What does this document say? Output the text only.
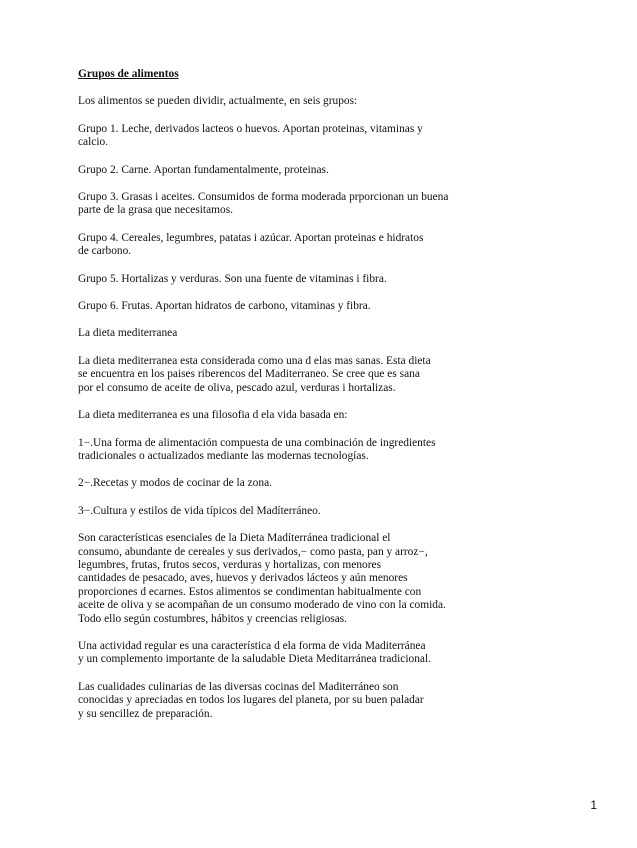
Grupos de alimentos

Los alimentos se pueden dividir, actualmente, en seis grupos:

Grupo 1. Leche, derivados lacteos o huevos. Aportan proteinas, vitaminas y
calcio.

Grupo 2. Carne. Aportan fundamentalmente, proteinas.

Grupo 3. Grasas i aceites. Consumidos de forma moderada prporcionan un buena
parte de la grasa que necesitamos.

Grupo 4. Cereales, legumbres, patatas i azúcar. Aportan proteinas e hidratos
de carbono.

Grupo 5. Hortalizas y verduras. Son una fuente de vitaminas i fibra.

Grupo 6. Frutas. Aportan hidratos de carbono, vitaminas y fibra.

La dieta mediterranea

La dieta mediterranea esta considerada como una d elas mas sanas. Esta dieta
se encuentra en los paises riberencos del Maditerraneo. Se cree que es sana
por el consumo de aceite de oliva, pescado azul, verduras i hortalizas.

La dieta mediterranea es una filosofia d ela vida basada en:

1−.Una forma de alimentación compuesta de una combinación de ingredientes
tradicionales o actualizados mediante las modernas tecnologías.

2−.Recetas y modos de cocinar de la zona.

3−.Cultura y estilos de vida típicos del Madíterráneo.

Son características esenciales de la Dieta Madíterránea tradicional el
consumo, abundante de cereales y sus derivados,− como pasta, pan y arroz−,
legumbres, frutas, frutos secos, verduras y hortalizas, con menores
cantidades de pesacado, aves, huevos y derivados lácteos y aún menores
proporciones d ecarnes. Estos alimentos se condimentan habitualmente con
aceite de oliva y se acompañan de un consumo moderado de vino con la comida.
Todo ello según costumbres, hábitos y creencias religiosas.

Una actividad regular es una característica d ela forma de vida Maditerránea
y un complemento importante de la saludable Dieta Meditarránea tradicional.

Las cualidades culinarias de las diversas cocinas del Maditerráneo son
conocidas y apreciadas en todos los lugares del planeta, por su buen paladar
y su sencillez de preparación.

1
